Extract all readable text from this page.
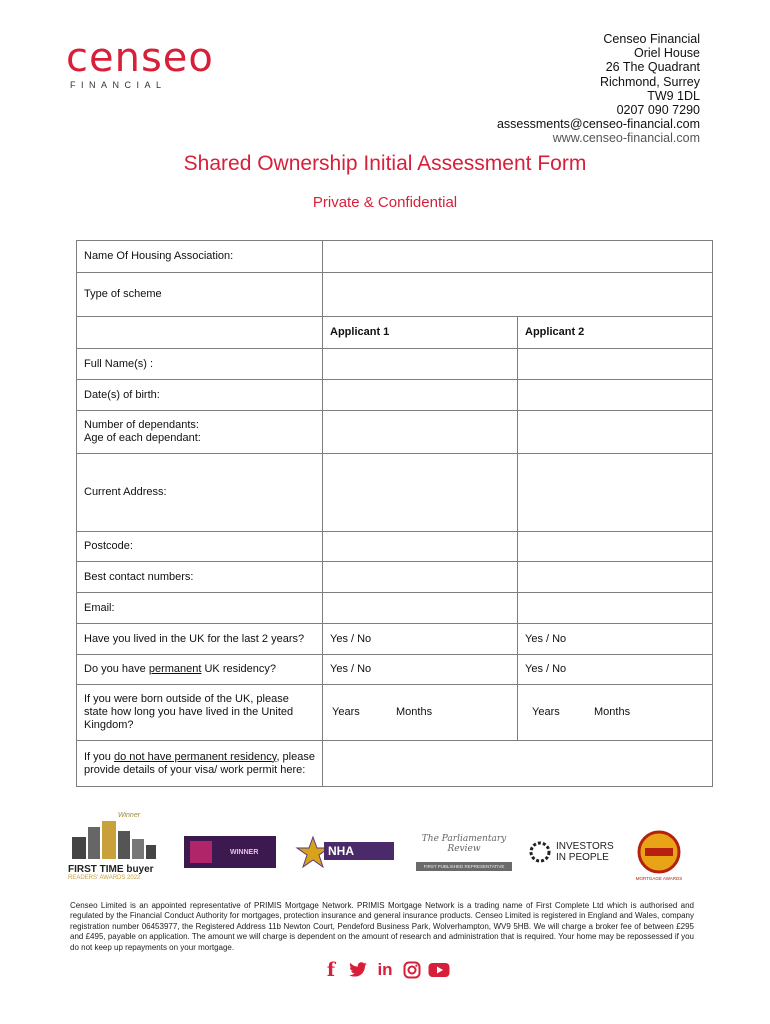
censeo
FINANCIAL
Censeo Financial
Oriel House
26 The Quadrant
Richmond, Surrey
TW9 1DL
0207 090 7290
assessments@censeo-financial.com
www.censeo-financial.com
Shared Ownership Initial Assessment Form
Private & Confidential
Name Of Housing Association:		
Type of scheme		
	Applicant 1	Applicant 2
Full Name(s) :		
Date(s) of birth:		

Number of dependants:
Age of each dependant:		

Current Address:		
Postcode:		
Best contact numbers:		
Email:		
Have you lived in the UK for the last 2 years?	Yes / No	Yes / No
Do you have permanent UK residency?	Yes / No	Yes / No
If you were born outside of the UK, please state how long you have lived in the United Kingdom?	Years Months	Years Months
If you do not have permanent residency, please provide details of your visa/ work permit here:		
Winner
FIRST TIME buyer
READERS' AWARDS 2022
WINNER	NHA
The Parliamentary Review
FIRST PUBLISHED REPRESENTATIVE
INVESTORS
IN PEOPLE
MORTGAGE AWARDS
Censeo Limited is an appointed representative of PRIMIS Mortgage Network. PRIMIS Mortgage Network is a trading name of First Complete Ltd which is authorised and regulated by the Financial Conduct Authority for mortgages, protection insurance and general insurance products. Censeo Limited is registered in England and Wales, company registration number 06453977, the Registered Address 11b Newton Court, Pendeford Business Park, Wolverhampton, WV9 5HB. We will charge a broker fee of between £295 and £495, payable on application. The amount we will charge is dependent on the amount of research and administration that is required. Your home may be repossessed if you do not keep up repayments on your mortgage.
f in
